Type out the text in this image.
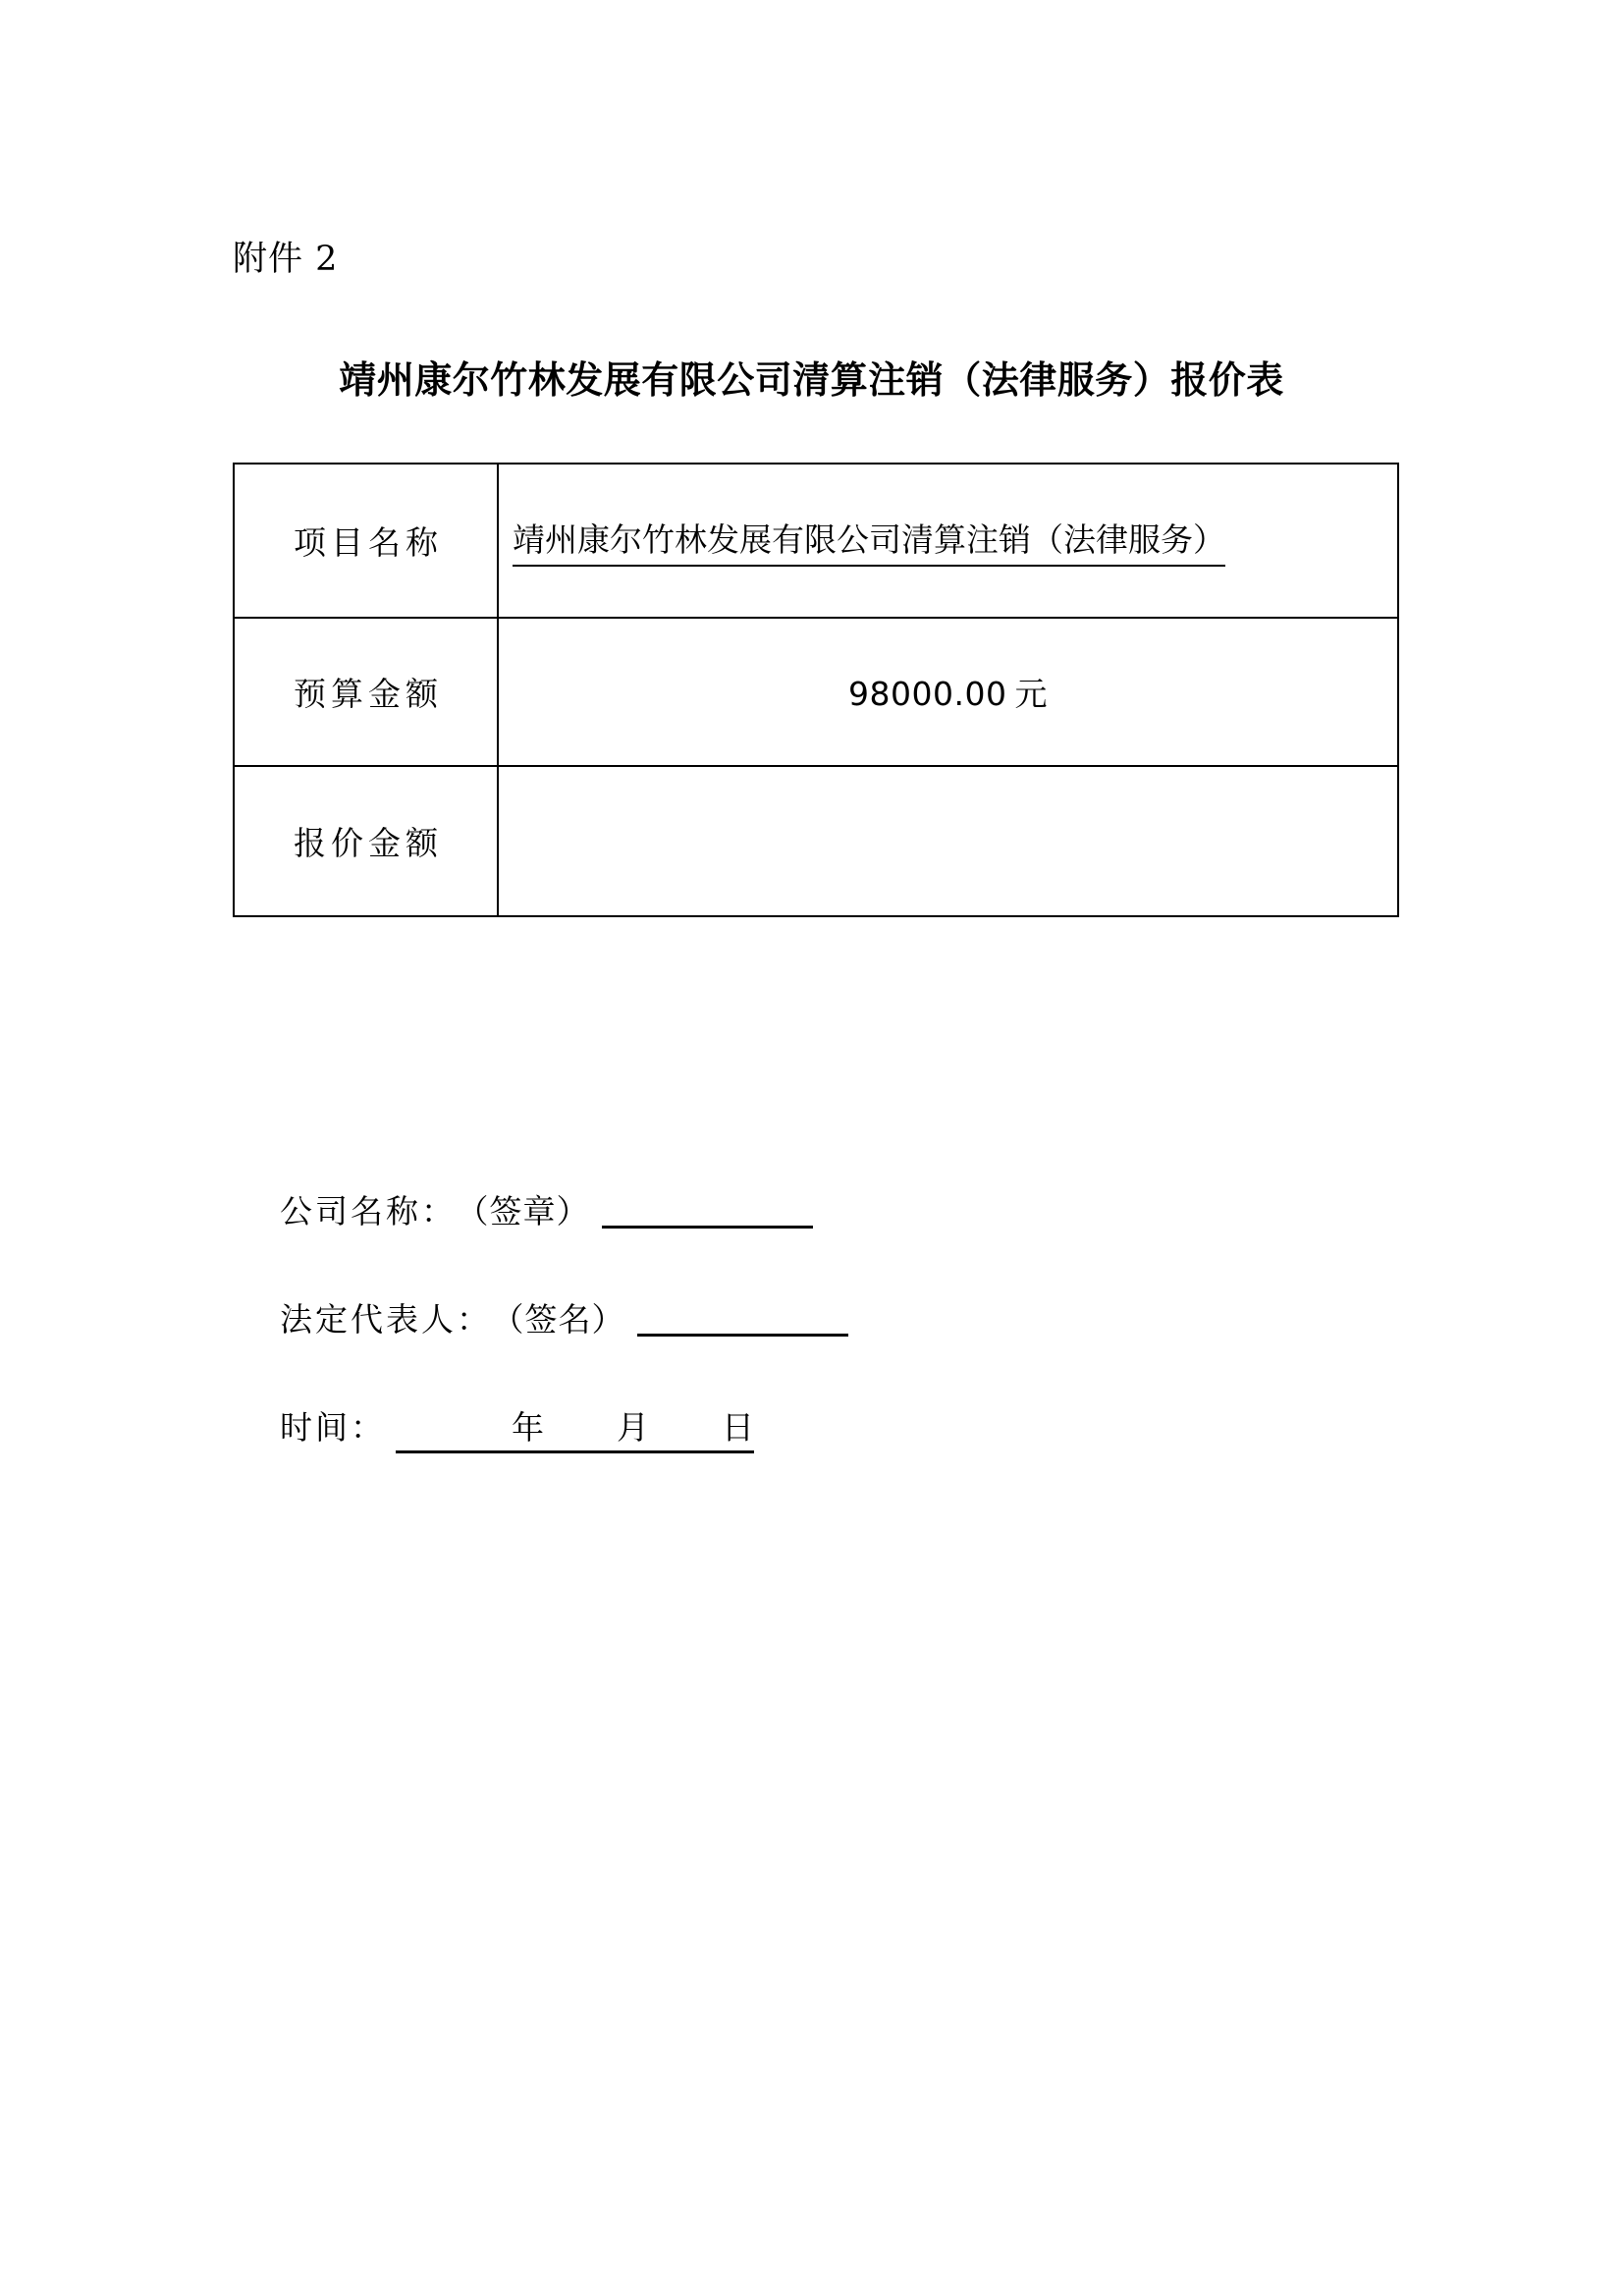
附件 2
靖州康尔竹林发展有限公司清算注销（法律服务）报价表
项目名称	靖州康尔竹林发展有限公司清算注销（法律服务）
预算金额	98000.00 元
报价金额	
公司名称： （签章）
法定代表人： （签名）
时间：	年 月 日
